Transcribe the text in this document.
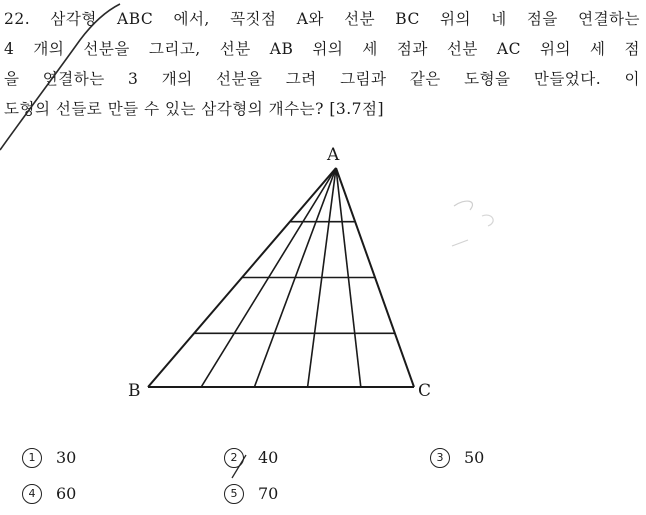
22. 삼각형 ABC 에서, 꼭짓점 A와 선분 BC 위의 네 점을 연결하는
4 개의 선분을 그리고, 선분 AB 위의 세 점과 선분 AC 위의 세 점
을 연결하는 3 개의 선분을 그려 그림과 같은 도형을 만들었다. 이
도형의 선들로 만들 수 있는 삼각형의 개수는? [3.7점]
A
B	C
1 30	2 40	3 50
4 60	5 70
